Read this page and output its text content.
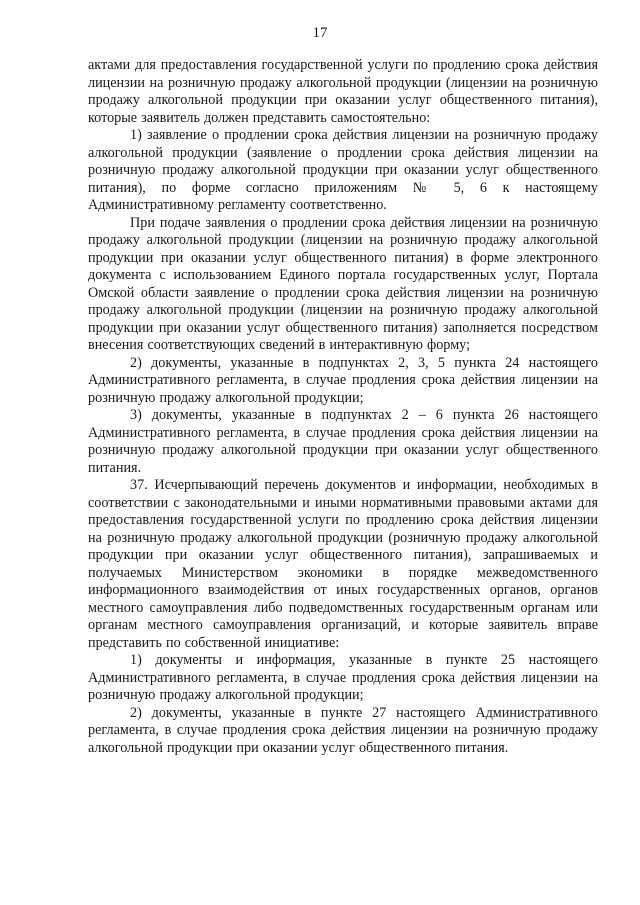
17

актами для предоставления государственной услуги по продлению срока действия лицензии на розничную продажу алкогольной продукции (лицензии на розничную продажу алкогольной продукции при оказании услуг общественного питания), которые заявитель должен представить самостоятельно:

1) заявление о продлении срока действия лицензии на розничную продажу алкогольной продукции (заявление о продлении срока действия лицензии на розничную продажу алкогольной продукции при оказании услуг общественного питания), по форме согласно приложениям № 5, 6 к настоящему Административному регламенту соответственно.

При подаче заявления о продлении срока действия лицензии на розничную продажу алкогольной продукции (лицензии на розничную продажу алкогольной продукции при оказании услуг общественного питания) в форме электронного документа с использованием Единого портала государственных услуг, Портала Омской области заявление о продлении срока действия лицензии на розничную продажу алкогольной продукции (лицензии на розничную продажу алкогольной продукции при оказании услуг общественного питания) заполняется посредством внесения соответствующих сведений в интерактивную форму;

2) документы, указанные в подпунктах 2, 3, 5 пункта 24 настоящего Административного регламента, в случае продления срока действия лицензии на розничную продажу алкогольной продукции;

3) документы, указанные в подпунктах 2 – 6 пункта 26 настоящего Административного регламента, в случае продления срока действия лицензии на розничную продажу алкогольной продукции при оказании услуг общественного питания.

37. Исчерпывающий перечень документов и информации, необходимых в соответствии с законодательными и иными нормативными правовыми актами для предоставления государственной услуги по продлению срока действия лицензии на розничную продажу алкогольной продукции (розничную продажу алкогольной продукции при оказании услуг общественного питания), запрашиваемых и получаемых Министерством экономики в порядке межведомственного информационного взаимодействия от иных государственных органов, органов местного самоуправления либо подведомственных государственным органам или органам местного самоуправления организаций, и которые заявитель вправе представить по собственной инициативе:

1) документы и информация, указанные в пункте 25 настоящего Административного регламента, в случае продления срока действия лицензии на розничную продажу алкогольной продукции;

2) документы, указанные в пункте 27 настоящего Административного регламента, в случае продления срока действия лицензии на розничную продажу алкогольной продукции при оказании услуг общественного питания.
